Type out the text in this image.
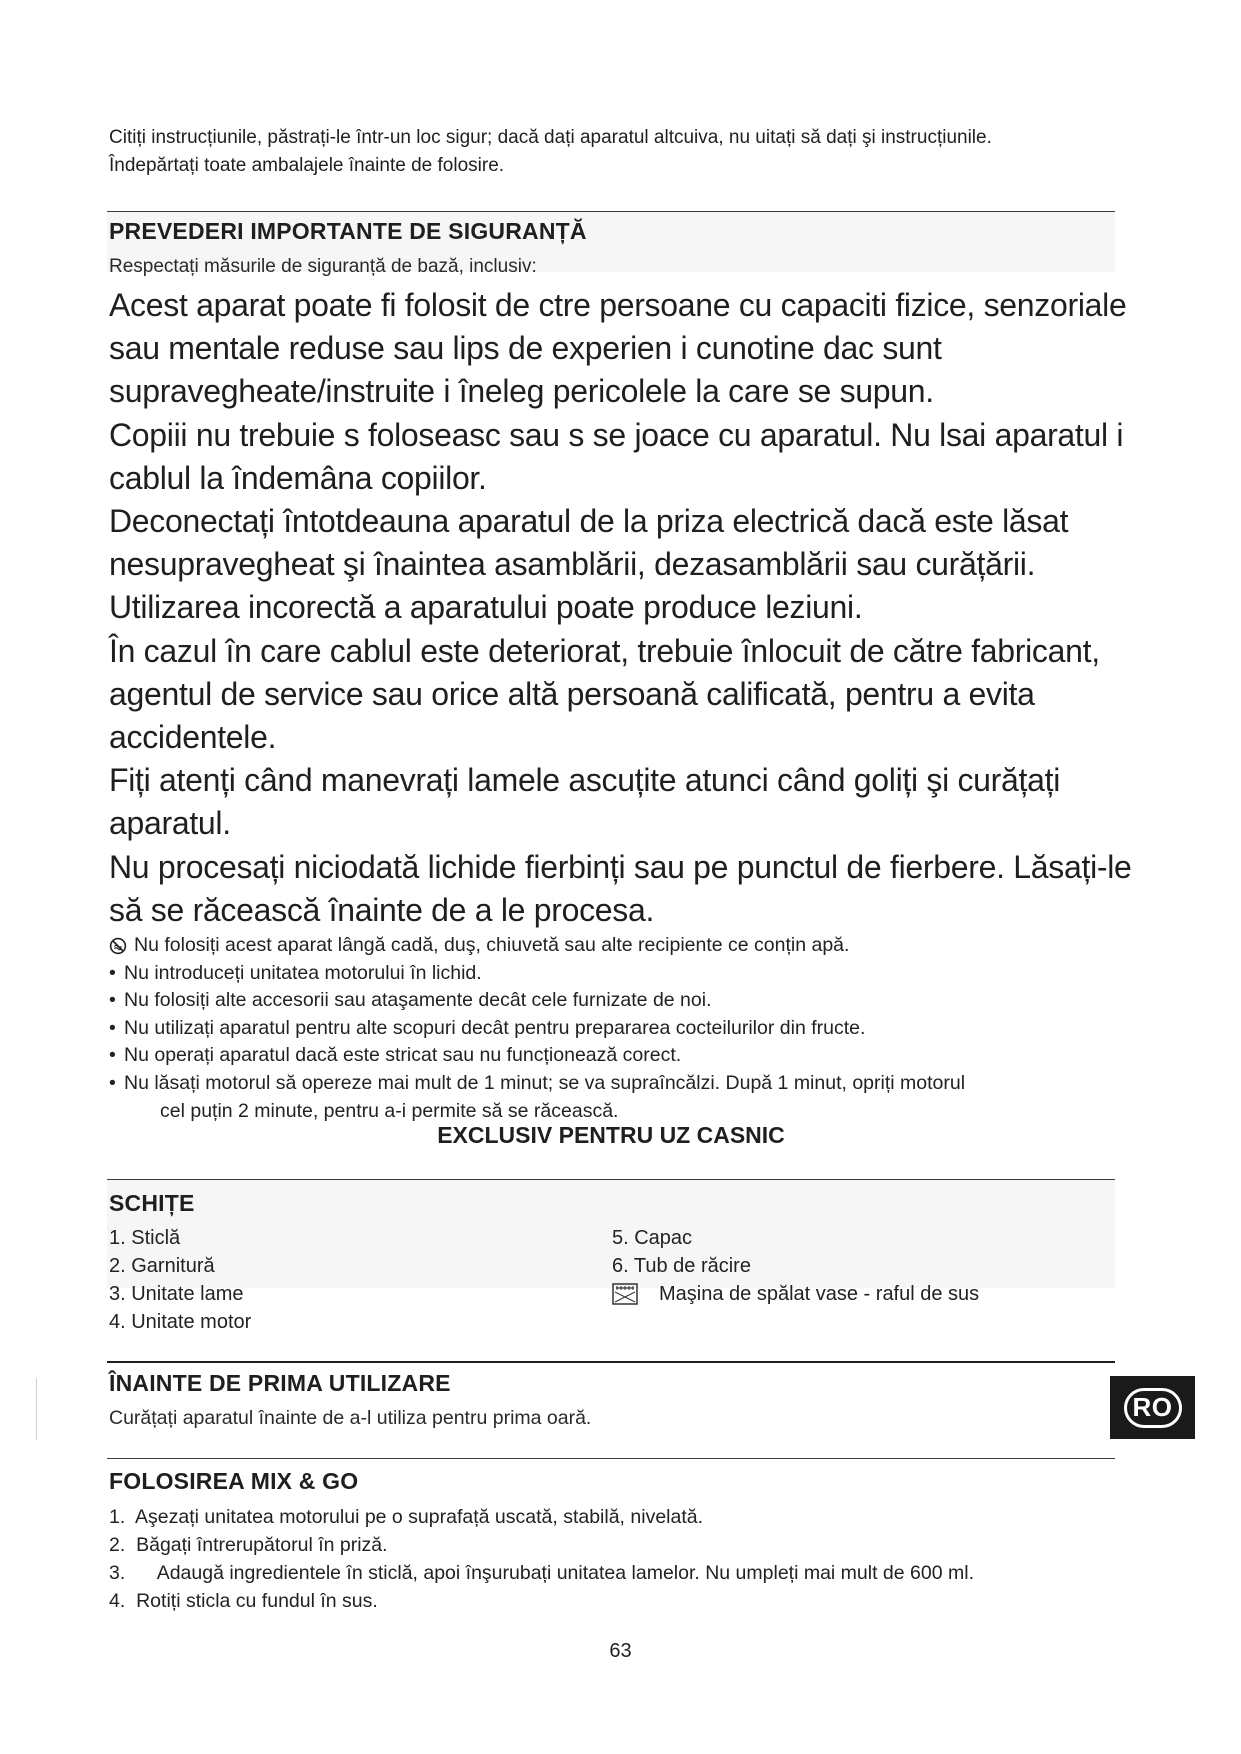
Citiți instrucțiunile, păstrați-le într-un loc sigur; dacă dați aparatul altcuiva, nu uitați să dați şi instrucțiunile.
Îndepărtați toate ambalajele înainte de folosire.
PREVEDERI IMPORTANTE DE SIGURANȚĂ
Respectați măsurile de siguranță de bază, inclusiv:
Acest aparat poate fi folosit de ctre persoane cu capaciti fizice, senzoriale
sau mentale reduse sau lips de experien i cunotine dac sunt
supravegheate/instruite i îneleg pericolele la care se supun.
Copiii nu trebuie s foloseasc sau s se joace cu aparatul. Nu lsai aparatul i
cablul la îndemâna copiilor.
Deconectați întotdeauna aparatul de la priza electrică dacă este lăsat
nesupravegheat şi înaintea asamblării, dezasamblării sau curățării.
Utilizarea incorectă a aparatului poate produce leziuni.
În cazul în care cablul este deteriorat, trebuie înlocuit de către fabricant,
agentul de service sau orice altă persoană calificată, pentru a evita
accidentele.
Fiți atenți când manevrați lamele ascuțite atunci când goliți şi curățați
aparatul.
Nu procesați niciodată lichide fierbinți sau pe punctul de fierbere. Lăsați-le
să se răcească înainte de a le procesa.
Nu folosiți acest aparat lângă cadă, duş, chiuvetă sau alte recipiente ce conțin apă.
• Nu introduceți unitatea motorului în lichid.
• Nu folosiți alte accesorii sau ataşamente decât cele furnizate de noi.
• Nu utilizați aparatul pentru alte scopuri decât pentru prepararea cocteilurilor din fructe.
• Nu operați aparatul dacă este stricat sau nu funcționează corect.
• Nu lăsați motorul să opereze mai mult de 1 minut; se va supraîncălzi. După 1 minut, opriți motorul
cel puțin 2 minute, pentru a-i permite să se răcească.
EXCLUSIV PENTRU UZ CASNIC
SCHIȚE
1. Sticlă
2. Garnitură
3. Unitate lame
4. Unitate motor
5. Capac
6. Tub de răcire
Maşina de spălat vase - raful de sus
ÎNAINTE DE PRIMA UTILIZARE
Curățați aparatul înainte de a-l utiliza pentru prima oară.	RO
FOLOSIREA MIX & GO
1.  Aşezați unitatea motorului pe o suprafață uscată, stabilă, nivelată.
2.  Băgați întrerupătorul în priză.
3.      Adaugă ingredientele în sticlă, apoi înşurubați unitatea lamelor. Nu umpleți mai mult de 600 ml.
4.  Rotiți sticla cu fundul în sus.
63
